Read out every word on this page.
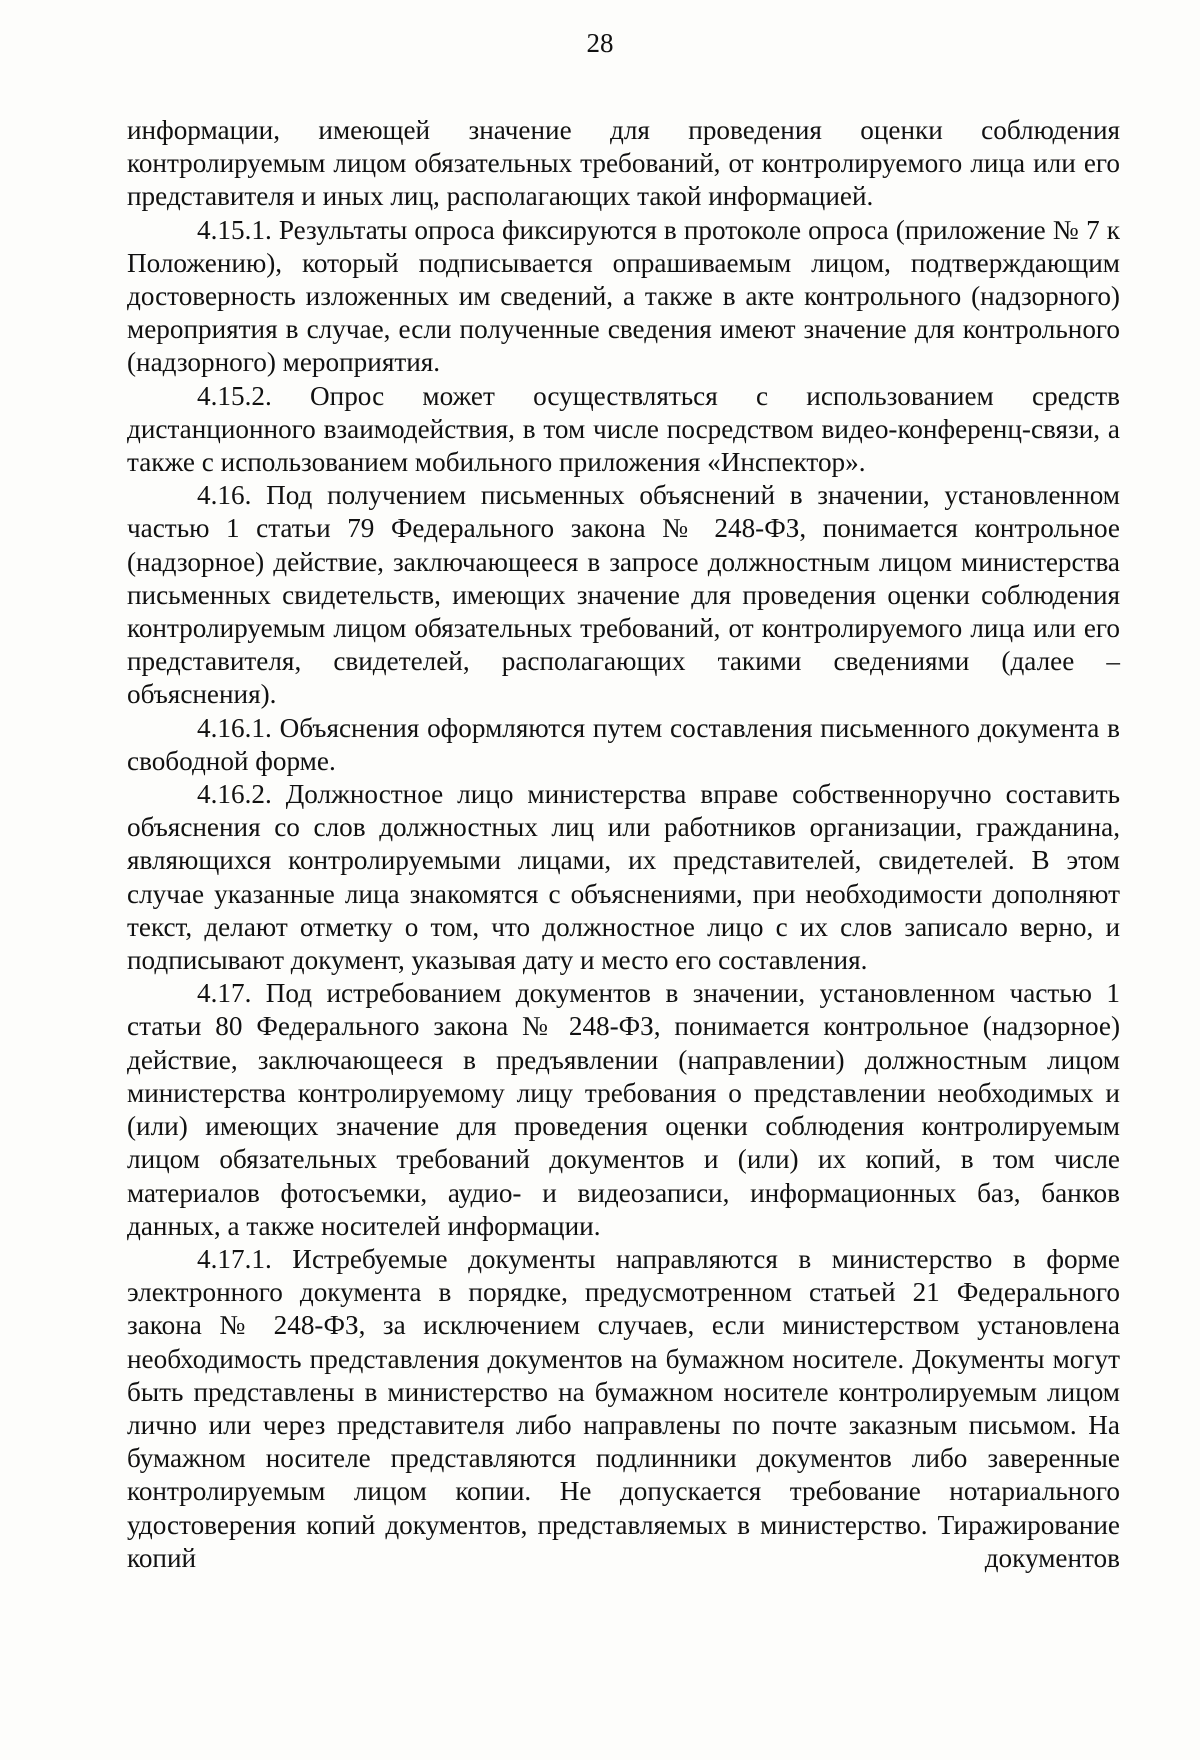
28

информации, имеющей значение для проведения оценки соблюдения контролируемым лицом обязательных требований, от контролируемого лица или его представителя и иных лиц, располагающих такой информацией.

4.15.1. Результаты опроса фиксируются в протоколе опроса (приложение № 7 к Положению), который подписывается опрашиваемым лицом, подтверждающим достоверность изложенных им сведений, а также в акте контрольного (надзорного) мероприятия в случае, если полученные сведения имеют значение для контрольного (надзорного) мероприятия.

4.15.2. Опрос может осуществляться с использованием средств дистанционного взаимодействия, в том числе посредством видео-конференц-связи, а также с использованием мобильного приложения «Инспектор».

4.16. Под получением письменных объяснений в значении, установленном частью 1 статьи 79 Федерального закона № 248-ФЗ, понимается контрольное (надзорное) действие, заключающееся в запросе должностным лицом министерства письменных свидетельств, имеющих значение для проведения оценки соблюдения контролируемым лицом обязательных требований, от контролируемого лица или его представителя, свидетелей, располагающих такими сведениями (далее – объяснения).

4.16.1. Объяснения оформляются путем составления письменного документа в свободной форме.

4.16.2. Должностное лицо министерства вправе собственноручно составить объяснения со слов должностных лиц или работников организации, гражданина, являющихся контролируемыми лицами, их представителей, свидетелей. В этом случае указанные лица знакомятся с объяснениями, при необходимости дополняют текст, делают отметку о том, что должностное лицо с их слов записало верно, и подписывают документ, указывая дату и место его составления.

4.17. Под истребованием документов в значении, установленном частью 1 статьи 80 Федерального закона № 248-ФЗ, понимается контрольное (надзорное) действие, заключающееся в предъявлении (направлении) должностным лицом министерства контролируемому лицу требования о представлении необходимых и (или) имеющих значение для проведения оценки соблюдения контролируемым лицом обязательных требований документов и (или) их копий, в том числе материалов фотосъемки, аудио- и видеозаписи, информационных баз, банков данных, а также носителей информации.

4.17.1. Истребуемые документы направляются в министерство в форме электронного документа в порядке, предусмотренном статьей 21 Федерального закона № 248-ФЗ, за исключением случаев, если министерством установлена необходимость представления документов на бумажном носителе. Документы могут быть представлены в министерство на бумажном носителе контролируемым лицом лично или через представителя либо направлены по почте заказным письмом. На бумажном носителе представляются подлинники документов либо заверенные контролируемым лицом копии. Не допускается требование нотариального удостоверения копий документов, представляемых в министерство. Тиражирование копий документов
